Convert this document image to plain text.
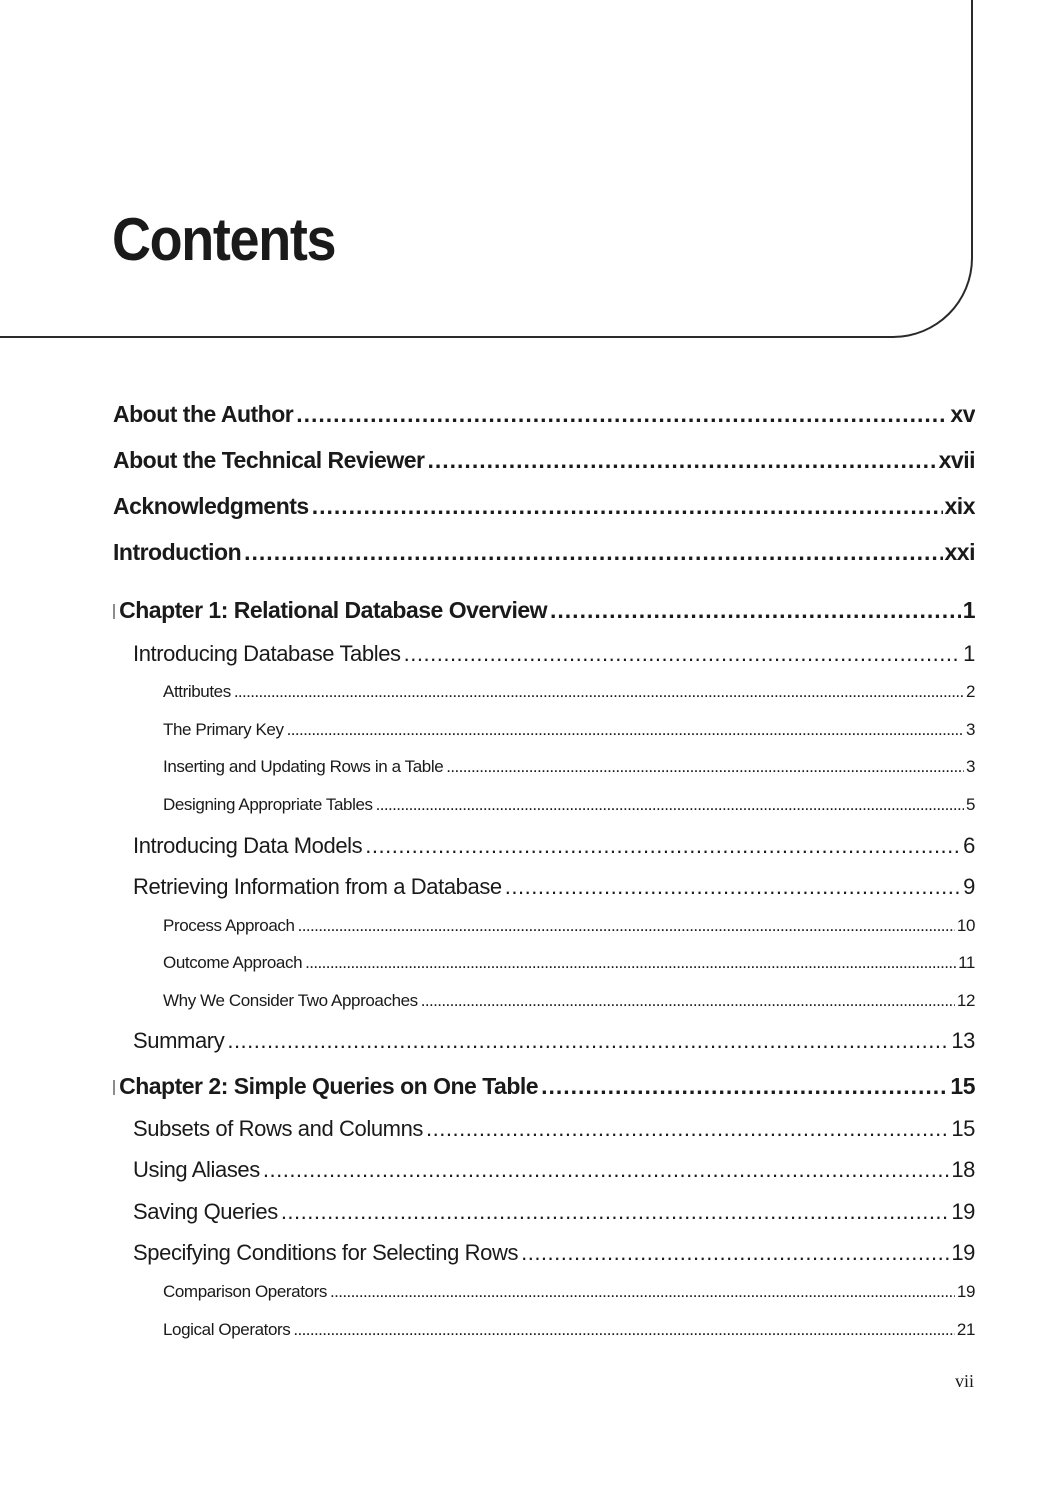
Contents
About the Author .....	xv
About the Technical Reviewer .....	xvii
Acknowledgments .....	xix
Introduction .....	xxi
Chapter 1: Relational Database Overview .....	1
Introducing Database Tables .....	1
Attributes .....	2
The Primary Key .....	3
Inserting and Updating Rows in a Table .....	3
Designing Appropriate Tables .....	5
Introducing Data Models .....	6
Retrieving Information from a Database .....	9
Process Approach .....	10
Outcome Approach .....	11
Why We Consider Two Approaches .....	12
Summary .....	13
Chapter 2: Simple Queries on One Table .....	15
Subsets of Rows and Columns .....	15
Using Aliases .....	18
Saving Queries .....	19
Specifying Conditions for Selecting Rows .....	19
Comparison Operators .....	19
Logical Operators .....	21
vii
